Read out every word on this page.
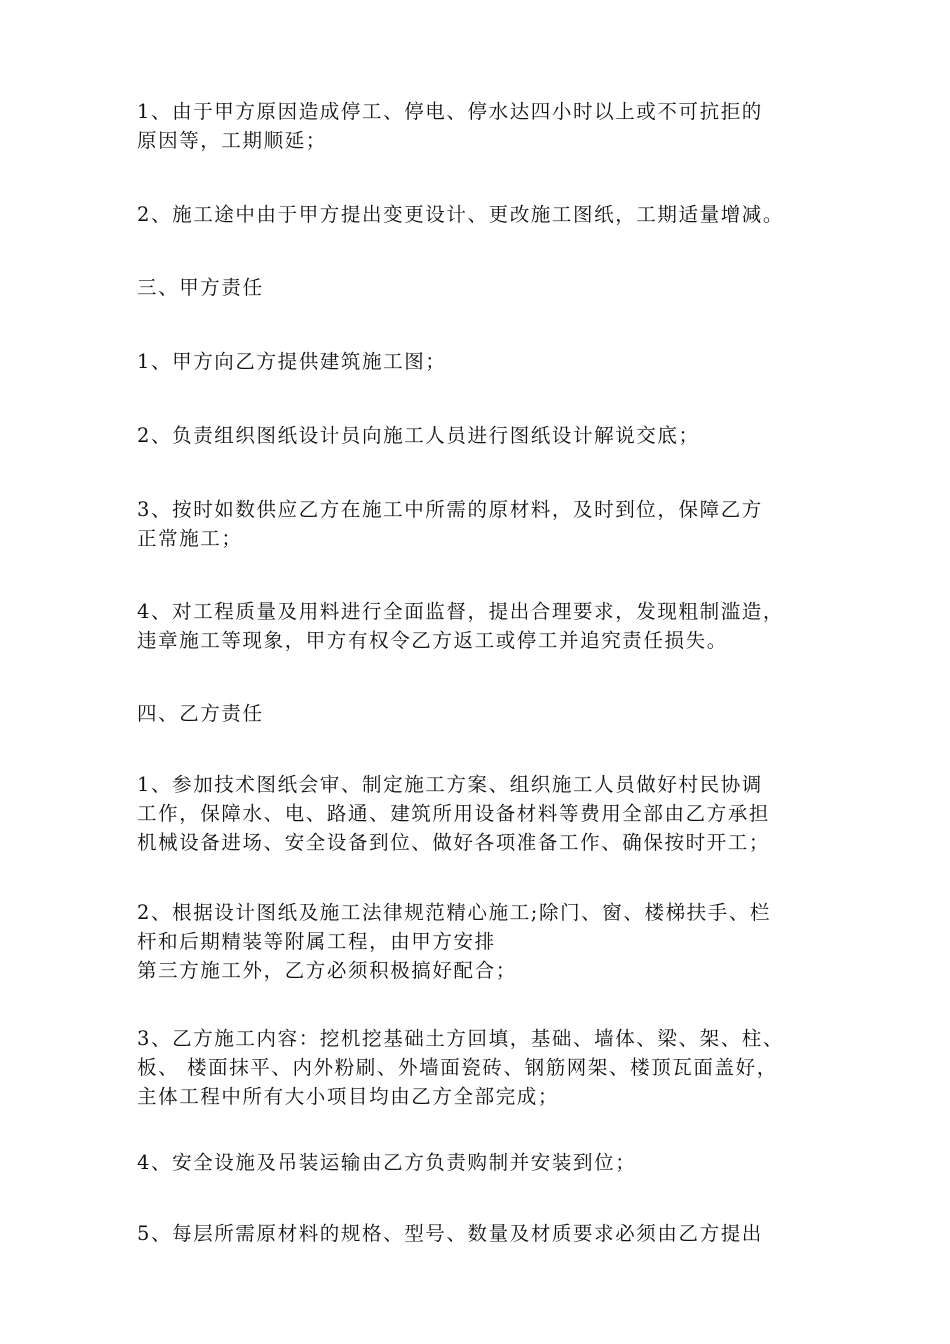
1、由于甲方原因造成停工、停电、停水达四小时以上或不可抗拒的
原因等，工期顺延；
2、施工途中由于甲方提出变更设计、更改施工图纸，工期适量增减。
三、甲方责任
1、甲方向乙方提供建筑施工图；
2、负责组织图纸设计员向施工人员进行图纸设计解说交底；
3、按时如数供应乙方在施工中所需的原材料，及时到位，保障乙方
正常施工；
4、对工程质量及用料进行全面监督，提出合理要求，发现粗制滥造，
违章施工等现象，甲方有权令乙方返工或停工并追究责任损失。
四、乙方责任
1、参加技术图纸会审、制定施工方案、组织施工人员做好村民协调
工作，保障水、电、路通、建筑所用设备材料等费用全部由乙方承担
机械设备进场、安全设备到位、做好各项准备工作、确保按时开工；
2、根据设计图纸及施工法律规范精心施工;除门、窗、楼梯扶手、栏
杆和后期精装等附属工程，由甲方安排
第三方施工外，乙方必须积极搞好配合；
3、乙方施工内容：挖机挖基础土方回填，基础、墙体、梁、架、柱、
板、 楼面抹平、内外粉刷、外墙面瓷砖、钢筋网架、楼顶瓦面盖好，
主体工程中所有大小项目均由乙方全部完成；
4、安全设施及吊装运输由乙方负责购制并安装到位；
5、每层所需原材料的规格、型号、数量及材质要求必须由乙方提出
